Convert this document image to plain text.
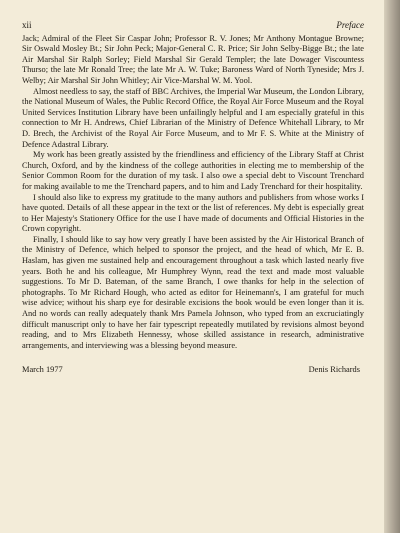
xii	Preface

Jack; Admiral of the Fleet Sir Caspar John; Professor R. V. Jones; Mr Anthony Montague Browne; Sir Oswald Mosley Bt.; Sir John Peck; Major-General C. R. Price; Sir John Selby-Bigge Bt.; the late Air Marshal Sir Ralph Sorley; Field Marshal Sir Gerald Templer; the late Dowager Viscountess Thurso; the late Mr Ronald Tree; the late Mr A. W. Tuke; Baroness Ward of North Tyneside; Mrs J. Welby; Air Marshal Sir John Whitley; Air Vice-Marshal W. M. Yool.

Almost needless to say, the staff of BBC Archives, the Imperial War Museum, the London Library, the National Museum of Wales, the Public Record Office, the Royal Air Force Museum and the Royal United Services Institution Library have been unfailingly helpful and I am especially grateful in this connection to Mr H. Andrews, Chief Librarian of the Ministry of Defence Whitehall Library, to Mr D. Brech, the Archivist of the Royal Air Force Museum, and to Mr F. S. White at the Ministry of Defence Adastral Library.

My work has been greatly assisted by the friendliness and efficiency of the Library Staff at Christ Church, Oxford, and by the kindness of the college authorities in electing me to membership of the Senior Common Room for the duration of my task. I also owe a special debt to Viscount Trenchard for making available to me the Trenchard papers, and to him and Lady Trenchard for their hospitality.

I should also like to express my gratitude to the many authors and publishers from whose works I have quoted. Details of all these appear in the text or the list of references. My debt is especially great to Her Majesty's Stationery Office for the use I have made of documents and Official Histories in the Crown copyright.

Finally, I should like to say how very greatly I have been assisted by the Air Historical Branch of the Ministry of Defence, which helped to sponsor the project, and the head of which, Mr E. B. Haslam, has given me sustained help and encouragement throughout a task which lasted nearly five years. Both he and his colleague, Mr Humphrey Wynn, read the text and made most valuable suggestions. To Mr D. Bateman, of the same Branch, I owe thanks for help in the selection of photographs. To Mr Richard Hough, who acted as editor for Heinemann's, I am grateful for much wise advice; without his sharp eye for desirable excisions the book would be even longer than it is. And no words can really adequately thank Mrs Pamela Johnson, who typed from an excruciatingly difficult manuscript only to have her fair typescript repeatedly mutilated by revisions almost beyond reading, and to Mrs Elizabeth Hennessy, whose skilled assistance in research, administrative arrangements, and interviewing was a blessing beyond measure.

March 1977	Denis Richards
